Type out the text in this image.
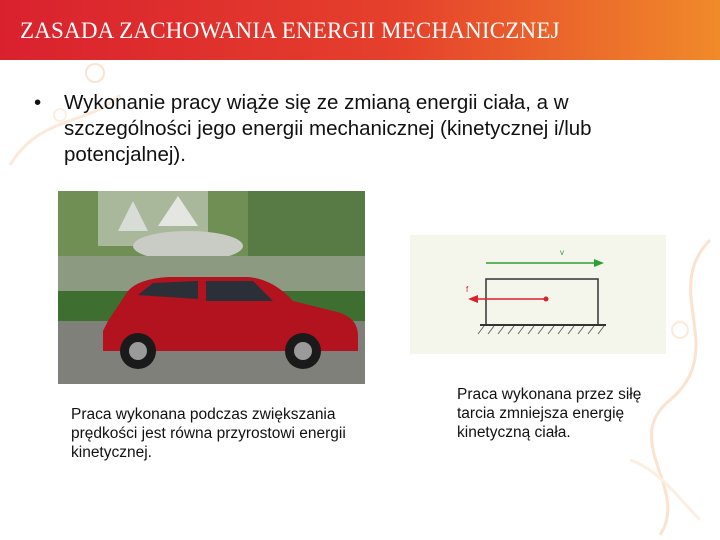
ZASADA ZACHOWANIA ENERGII MECHANICZNEJ
• Wykonanie pracy wiąże się ze zmianą energii ciała, a w szczególności jego energii mechanicznej (kinetycznej i/lub potencjalnej).
v
f
Praca wykonana podczas zwiększania prędkości jest równa przyrostowi energii kinetycznej.
Praca wykonana przez siłę tarcia zmniejsza energię kinetyczną ciała.
